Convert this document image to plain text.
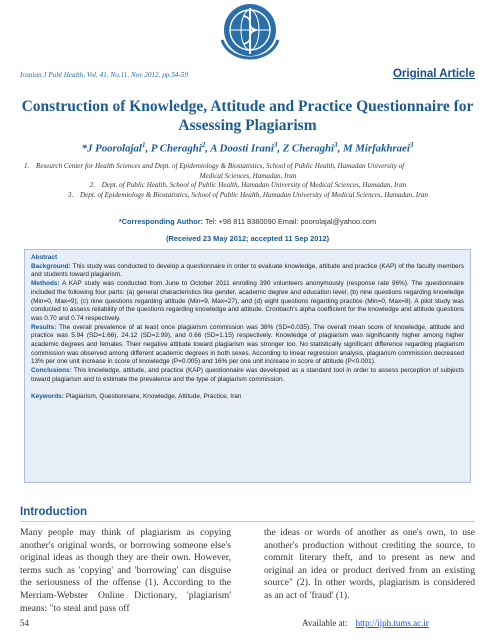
Iranian J Publ Health, Vol. 41, No.11, Nov 2012, pp.54-59	Original Article
Construction of Knowledge, Attitude and Practice Questionnaire for Assessing Plagiarism
*J Poorolajal$^1$, P Cheraghi$^2$, A Doosti Irani$^3$, Z Cheraghi$^3$, M Mirfakhraei$^3$
1. Research Center for Health Sciences and Dept. of Epidemiology & Biostatistics, School of Public Health, Hamadan University of
Medical Sciences, Hamadan, Iran
2. Dept. of Public Health, School of Public Health, Hamadan University of Medical Sciences, Hamadan, Iran
3. Dept. of Epidemiology & Biostatistics, School of Public Health, Hamadan University of Medical Sciences, Hamadan, Iran
*Corresponding Author: Tel: +98 811 8380090 Email: poorolajal@yahoo.com
(Received 23 May 2012; accepted 11 Sep 2012)

Abstract

Background: This study was conducted to develop a questionnaire in order to evaluate knowledge, attitude and practice (KAP) of the faculty members and students toward plagiarism.

Methods: A KAP study was conducted from June to October 2011 enrolling 390 volunteers anonymously (response rate 96%). The questionnaire included the following four parts: (a) general characteristics like gender, academic degree and education level; (b) nine questions regarding knowledge (Min=0, Max=9); (c) nine questions regarding attitude (Min=9, Max=27); and (d) eight questions regarding practice (Min=0, Max=8). A pilot study was conducted to assess reliability of the questions regarding knowledge and attitude. Cronbach's alpha coefficient for the knowledge and attitude questions was 0.70 and 0.74 respectively.

Results: The overall prevalence of at least once plagiarism commission was 38% (SD=0.035). The overall mean score of knowledge, attitude and practice was 5.94 (SD=1.66), 24.12 (SD=2.99), and 0.66 (SD=1.15) respectively. Knowledge of plagiarism was significantly higher among higher academic degrees and females. Their negative attitude toward plagiarism was stronger too. No statistically significant difference regarding plagiarism commission was observed among different academic degrees in both sexes. According to linear regression analysis, plagiarism commission decreased 13% per one unit increase in score of knowledge (P=0.005) and 16% per one unit increase in score of attitude (P<0.001).

Conclusions: This knowledge, attitude, and practice (KAP) questionnaire was developed as a standard tool in order to assess perception of subjects toward plagiarism and to estimate the prevalence and the type of plagiarism commission.

Keywords: Plagiarism, Questionnaire, Knowledge, Attitude, Practice, Iran

Introduction
Many people may think of plagiarism as copying another's original words, or borrowing someone else's original ideas as though they are their own. However, terms such as 'copying' and 'borrowing' can disguise the seriousness of the offense (1). According to the Merriam-Webster Online Dictionary, 'plagiarism' means: "to steal and pass off
the ideas or words of another as one's own, to use another's production without crediting the source, to commit literary theft, and to present as new and original an idea or product derived from an existing source" (2). In other words, plagiarism is considered as an act of 'fraud' (1).
54	Available at: http://ijph.tums.ac.ir
